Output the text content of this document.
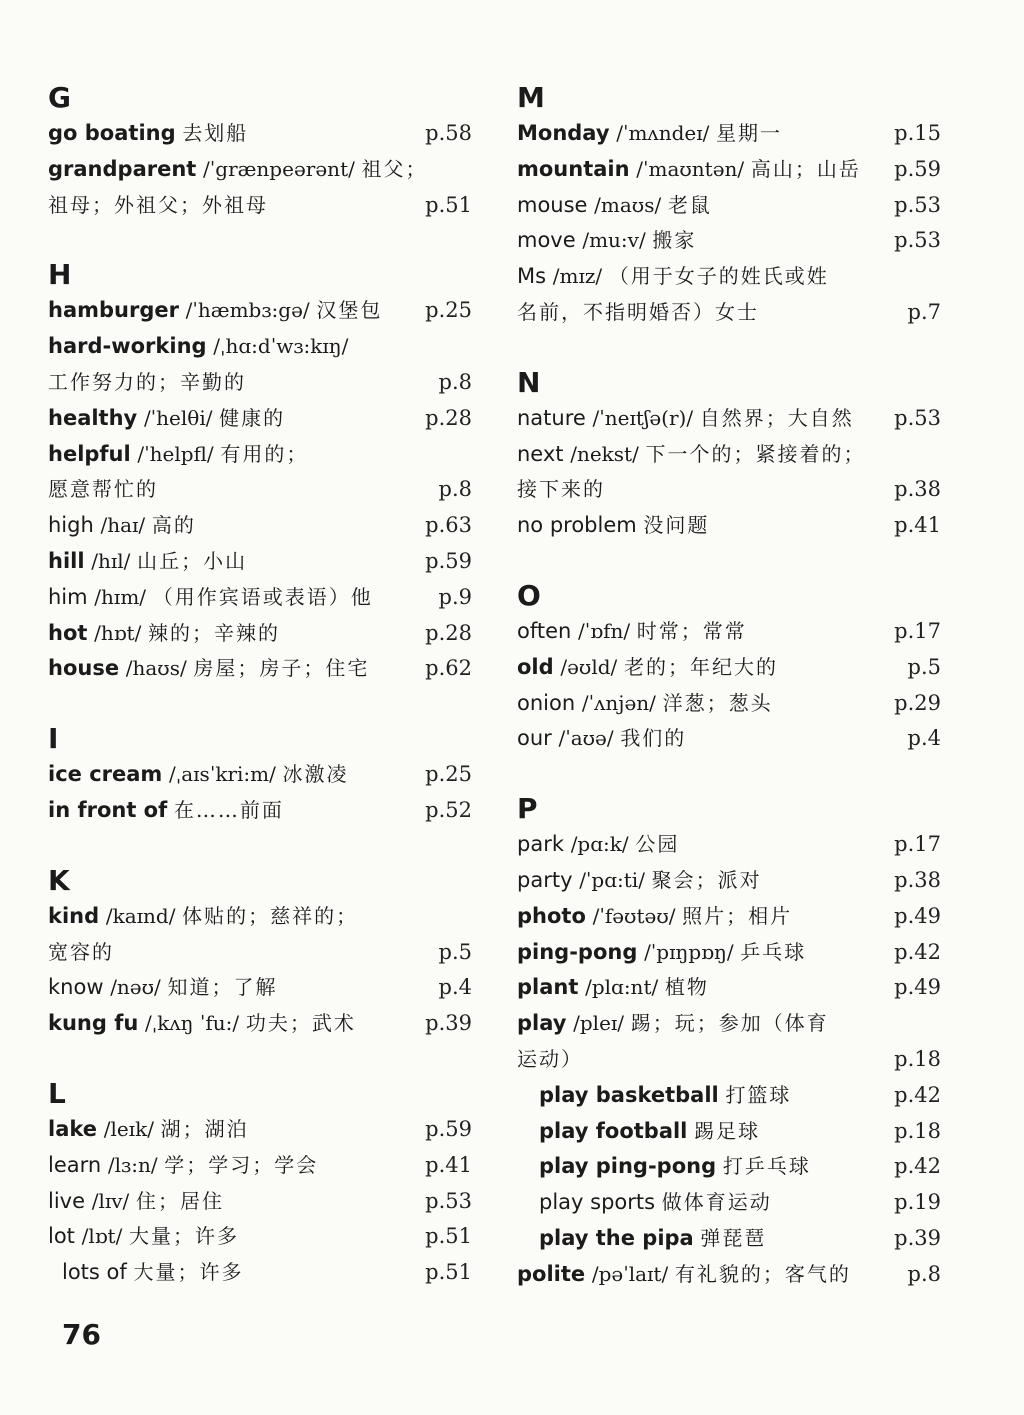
G
go boating 去划船	p.58
grandparent /ˈgrænpeərənt/ 祖父；
祖母；外祖父；外祖母	p.51
H
hamburger /ˈhæmbɜ:gə/ 汉堡包 p.25
hard-working /ˌhɑ:dˈwɜ:kɪŋ/
工作努力的；辛勤的	p.8
healthy /ˈhelθi/ 健康的	p.28
helpful /ˈhelpfl/ 有用的；
愿意帮忙的	p.8
high /haɪ/ 高的	p.63
hill /hɪl/ 山丘；小山	p.59
him /hɪm/ （用作宾语或表语）他	p.9
hot /hɒt/ 辣的；辛辣的	p.28
house /haʊs/ 房屋；房子；住宅	p.62
I
ice cream /ˌaɪsˈkri:m/ 冰激凌	p.25
in front of 在……前面	p.52
K
kind /kaɪnd/ 体贴的；慈祥的；
宽容的	p.5
know /nəʊ/ 知道；了解	p.4
kung fu /ˌkʌŋ ˈfu:/ 功夫；武术	p.39
L
lake /leɪk/ 湖；湖泊	p.59
learn /lɜ:n/ 学；学习；学会	p.41
live /lɪv/ 住；居住	p.53
lot /lɒt/ 大量；许多	p.51
lots of 大量；许多	p.51
M
Monday /ˈmʌndeɪ/ 星期一	p.15
mountain /ˈmaʊntən/ 高山；山岳 p.59
mouse /maʊs/ 老鼠	p.53
move /mu:v/ 搬家	p.53
Ms /mɪz/ （用于女子的姓氏或姓
名前，不指明婚否）女士	p.7
N
nature /ˈneɪtʃə(r)/ 自然界；大自然 p.53
next /nekst/ 下一个的；紧接着的；
接下来的	p.38
no problem 没问题	p.41
O
often /ˈɒfn/ 时常；常常	p.17
old /əʊld/ 老的；年纪大的	p.5
onion /ˈʌnjən/ 洋葱；葱头	p.29
our /ˈaʊə/ 我们的	p.4
P
park /pɑ:k/ 公园	p.17
party /ˈpɑ:ti/ 聚会；派对	p.38
photo /ˈfəʊtəʊ/ 照片；相片	p.49
ping-pong /ˈpɪŋpɒŋ/ 乒乓球	p.42
plant /plɑ:nt/ 植物	p.49
play /pleɪ/ 踢；玩；参加（体育
运动）	p.18
play basketball 打篮球	p.42
play football 踢足球	p.18
play ping-pong 打乒乓球	p.42
play sports 做体育运动	p.19
play the pipa 弹琵琶	p.39
polite /pəˈlaɪt/ 有礼貌的；客气的	p.8
76
